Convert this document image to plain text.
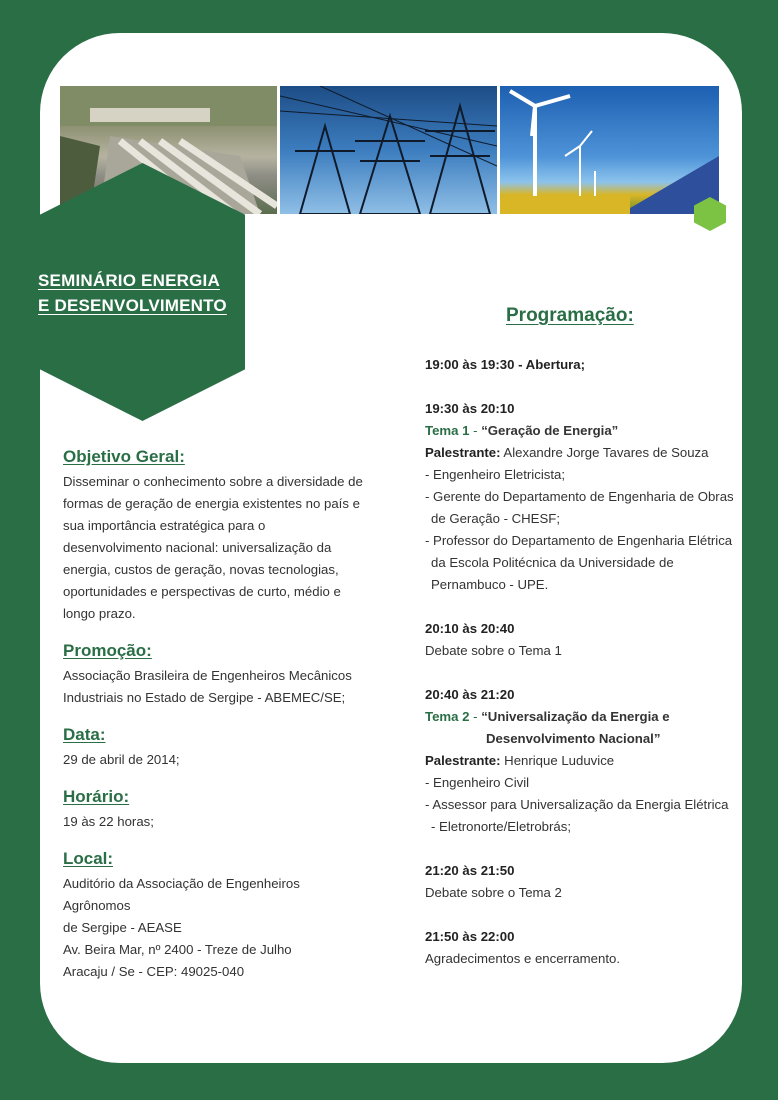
SEMINÁRIO ENERGIA
E DESENVOLVIMENTO
Objetivo Geral:

Disseminar o conhecimento sobre a diversidade de
formas de geração de energia existentes no país e
sua importância estratégica para o
desenvolvimento nacional: universalização da
energia, custos de geração, novas tecnologias,
oportunidades e perspectivas de curto, médio e
longo prazo.

Promoção:

Associação Brasileira de Engenheiros Mecânicos
Industriais no Estado de Sergipe - ABEMEC/SE;

Data:

29 de abril de 2014;

Horário:

19 às 22 horas;

Local:

Auditório da Associação de Engenheiros Agrônomos
de Sergipe - AEASE
Av. Beira Mar, nº 2400 - Treze de Julho
Aracaju / Se - CEP: 49025-040

Programação:
19:00 às 19:30 - Abertura;
19:30 às 20:10
Tema 1 - “Geração de Energia”
Palestrante: Alexandre Jorge Tavares de Souza
- Engenheiro Eletricista;
- Gerente do Departamento de Engenharia de Obras
de Geração - CHESF;
- Professor do Departamento de Engenharia Elétrica
da Escola Politécnica da Universidade de
Pernambuco - UPE.
20:10 às 20:40
Debate sobre o Tema 1
20:40 às 21:20
Tema 2 - “Universalização da Energia e
Desenvolvimento Nacional”
Palestrante: Henrique Luduvice
- Engenheiro Civil
- Assessor para Universalização da Energia Elétrica
- Eletronorte/Eletrobrás;
21:20 às 21:50
Debate sobre o Tema 2
21:50 às 22:00
Agradecimentos e encerramento.
